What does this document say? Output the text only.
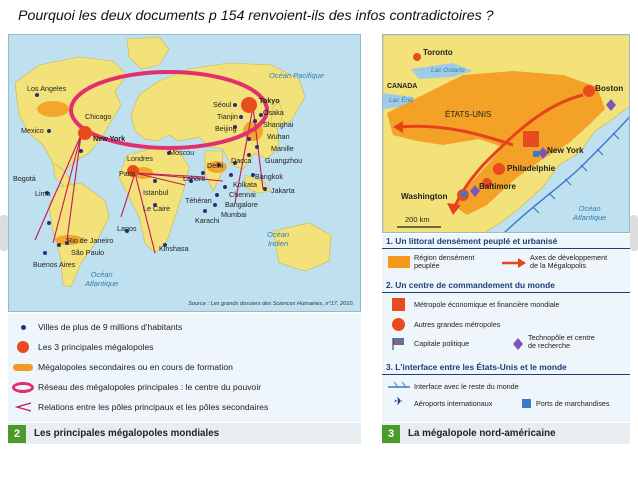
Pourquoi les deux documents p 154 renvoient-ils des infos contradictoires ?
Océan Pacifique
Océan
Indien
Océan
Atlantique
Los Angeles
Mexico
Bogotá
Lima
Chicago
New York
Rio de Janeiro
São Paulo
Buenos Aires
Londres
Paris
Moscou
Istanbul
Le Caire
Téhéran
Lagos
Kinshasa
Karachi
Delhi
Lahore
Dacca
Kolkata
Chennai
Bangalore
Mumbai
Bangkok
Jakarta
Séoul
Tianjin
Beijing
Tokyo
Osaka
Shanghai
Wuhan
Manille
Guangzhou
Source : Les grands dossiers des Sciences Humaines, n°17, 2010.
Villes de plus de 9 millions d'habitants
Les 3 principales mégalopoles
Mégalopoles secondaires ou en cours de formation
Réseau des mégalopoles principales : le centre du pouvoir
Relations entre les pôles principaux et les pôles secondaires
2	Les principales mégalopoles mondiales
Toronto
Lac Ontario
CANADA
Lac Érié
ÉTATS-UNIS
Boston
New York
Philadelphie
Baltimore
Washington
Océan
Atlantique
200 km
1. Un littoral densément peuplé et urbanisé
Région densément
peuplée
Axes de développement
de la Mégalopolis
2. Un centre de commandement du monde
Métropole économique et financière mondiale
Autres grandes métropoles
Capitale politique
Technopôle et centre
de recherche
3. L'interface entre les États-Unis et le monde
Interface avec le reste du monde
✈ Aéroports internationaux	Ports de marchandises
3	La mégalopole nord-américaine
